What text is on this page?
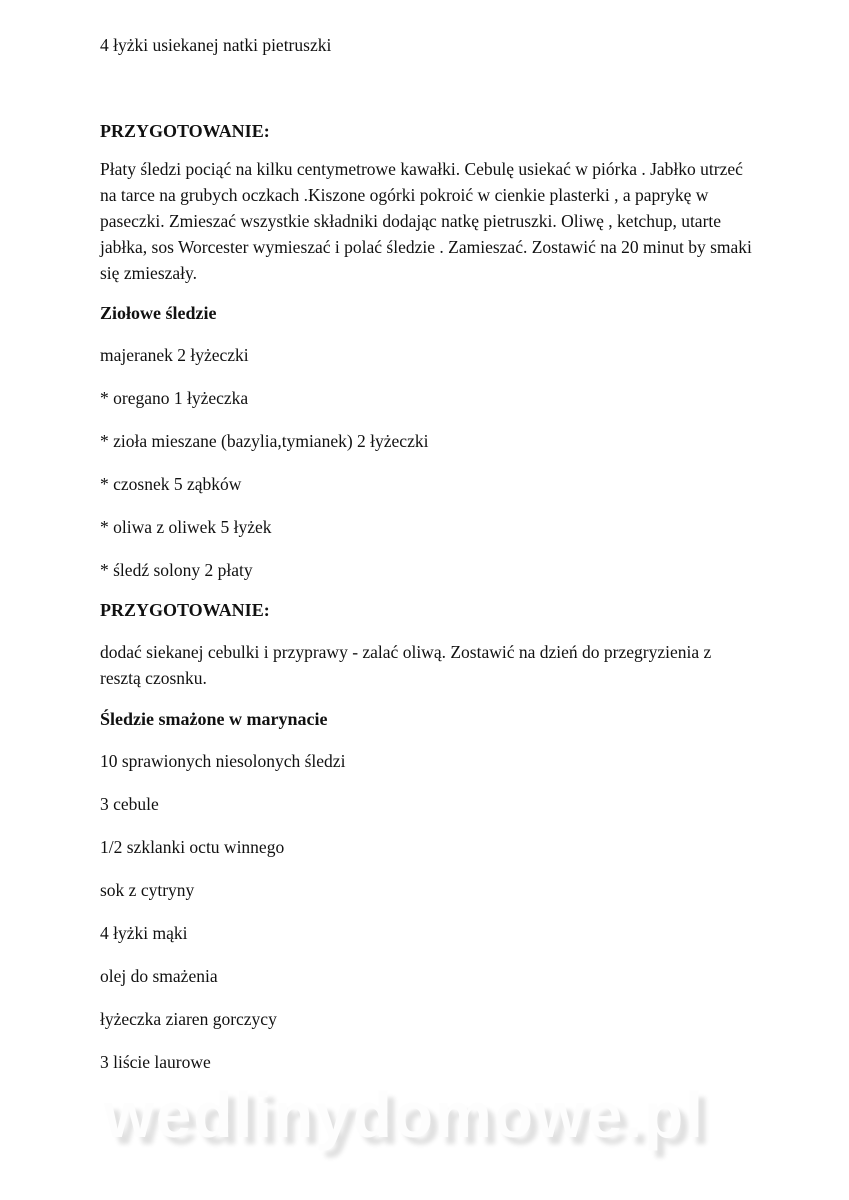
4 łyżki usiekanej natki pietruszki

PRZYGOTOWANIE:

Płaty śledzi pociąć na kilku centymetrowe kawałki. Cebulę usiekać w piórka . Jabłko utrzeć na tarce na grubych oczkach .Kiszone ogórki pokroić w cienkie plasterki , a paprykę w paseczki. Zmieszać wszystkie składniki dodając natkę pietruszki. Oliwę , ketchup, utarte jabłka, sos Worcester wymieszać i polać śledzie . Zamieszać. Zostawić na 20 minut by smaki się zmieszały.

Ziołowe śledzie

majeranek 2 łyżeczki

* oregano 1 łyżeczka

* zioła mieszane (bazylia,tymianek) 2 łyżeczki

* czosnek 5 ząbków

* oliwa z oliwek 5 łyżek

* śledź solony 2 płaty

PRZYGOTOWANIE:

dodać siekanej cebulki i przyprawy - zalać oliwą. Zostawić na dzień do przegryzienia z resztą czosnku.

Śledzie smażone w marynacie

10 sprawionych niesolonych śledzi

3 cebule

1/2 szklanki octu winnego

sok z cytryny

4 łyżki mąki

olej do smażenia

łyżeczka ziaren gorczycy

3 liście laurowe

wedlinydomowe.pl
